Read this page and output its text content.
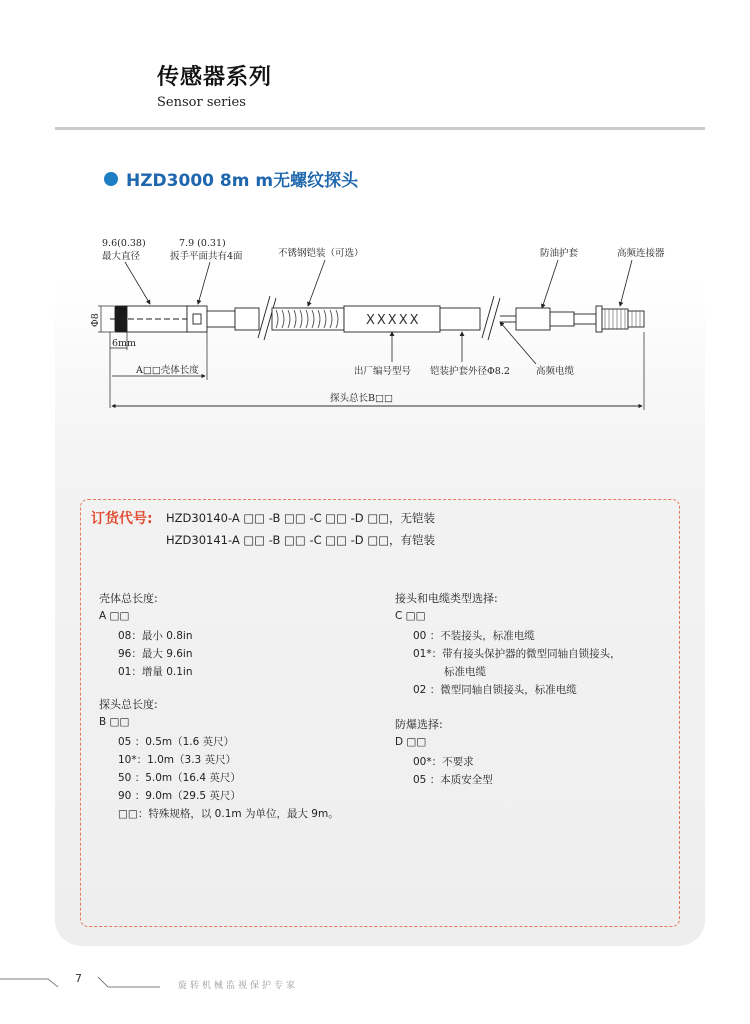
传感器系列
Sensor series
HZD3000 8m m无螺纹探头
9.6(0.38)
最大直径
7.9 (0.31)
扳手平面共有4面	不锈钢铠装（可选）	防油护套	高频连接器
XXXXX
Φ8
6mm
A□□壳体长度	出厂编号型号 铠装护套外径Φ8.2	高频电缆
探头总长B□□
订货代号: HZD30140-A □□ -B □□ -C □□ -D □□，无铠装
HZD30141-A □□ -B □□ -C □□ -D □□，有铠装
壳体总长度:
A □□
08：最小 0.8in
96：最大 9.6in
01：增量 0.1in
探头总长度:
B □□
05 ：0.5m（1.6 英尺）
10*：1.0m（3.3 英尺）
50 ：5.0m（16.4 英尺）
90 ：9.0m（29.5 英尺）
□□：特殊规格，以 0.1m 为单位，最大 9m。
接头和电缆类型选择:
C □□
00 ：不装接头，标准电缆
01*：带有接头保护器的微型同轴自锁接头，
标准电缆
02 ：微型同轴自锁接头，标准电缆
防爆选择:
D □□
00*：不要求
05 ：本质安全型
7
旋转机械监视保护专家
